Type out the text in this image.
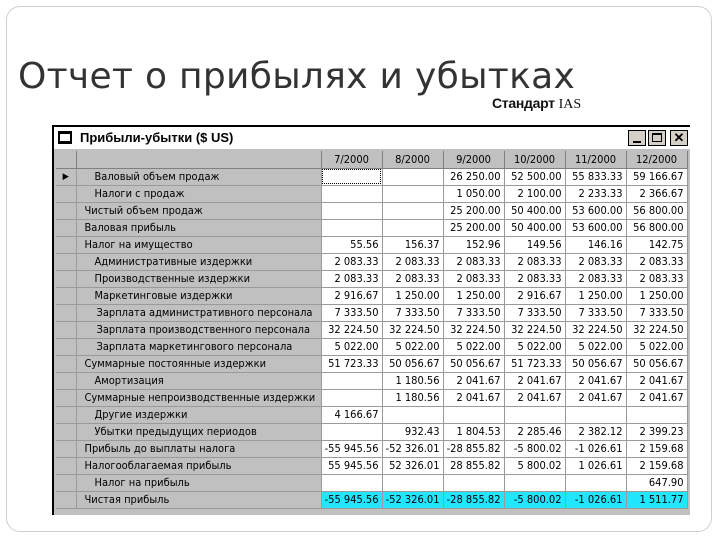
Отчет о прибылях и убытках
Стандарт IAS
Прибыли-убытки ($ US)	✕
		7/2000	8/2000	9/2000	10/2000	11/2000	12/2000
▶	Валовый объем продаж			26 250.00	52 500.00	55 833.33	59 166.67
	Налоги с продаж			1 050.00	2 100.00	2 233.33	2 366.67
	Чистый объем продаж			25 200.00	50 400.00	53 600.00	56 800.00
	Валовая прибыль			25 200.00	50 400.00	53 600.00	56 800.00
	Налог на имущество	55.56	156.37	152.96	149.56	146.16	142.75
	Административные издержки	2 083.33	2 083.33	2 083.33	2 083.33	2 083.33	2 083.33
	Производственные издержки	2 083.33	2 083.33	2 083.33	2 083.33	2 083.33	2 083.33
	Маркетинговые издержки	2 916.67	1 250.00	1 250.00	2 916.67	1 250.00	1 250.00
	Зарплата административного персонала	7 333.50	7 333.50	7 333.50	7 333.50	7 333.50	7 333.50
	Зарплата производственного персонала	32 224.50	32 224.50	32 224.50	32 224.50	32 224.50	32 224.50
	Зарплата маркетингового персонала	5 022.00	5 022.00	5 022.00	5 022.00	5 022.00	5 022.00
	Суммарные постоянные издержки	51 723.33	50 056.67	50 056.67	51 723.33	50 056.67	50 056.67
	Амортизация		1 180.56	2 041.67	2 041.67	2 041.67	2 041.67
	Суммарные непроизводственные издержки		1 180.56	2 041.67	2 041.67	2 041.67	2 041.67
	Другие издержки	4 166.67					
	Убытки предыдущих периодов		932.43	1 804.53	2 285.46	2 382.12	2 399.23
	Прибыль до выплаты налога	-55 945.56	-52 326.01	-28 855.82	-5 800.02	-1 026.61	2 159.68
	Налогооблагаемая прибыль	55 945.56	52 326.01	28 855.82	5 800.02	1 026.61	2 159.68
	Налог на прибыль						647.90
	Чистая прибыль	-55 945.56	-52 326.01	-28 855.82	-5 800.02	-1 026.61	1 511.77
